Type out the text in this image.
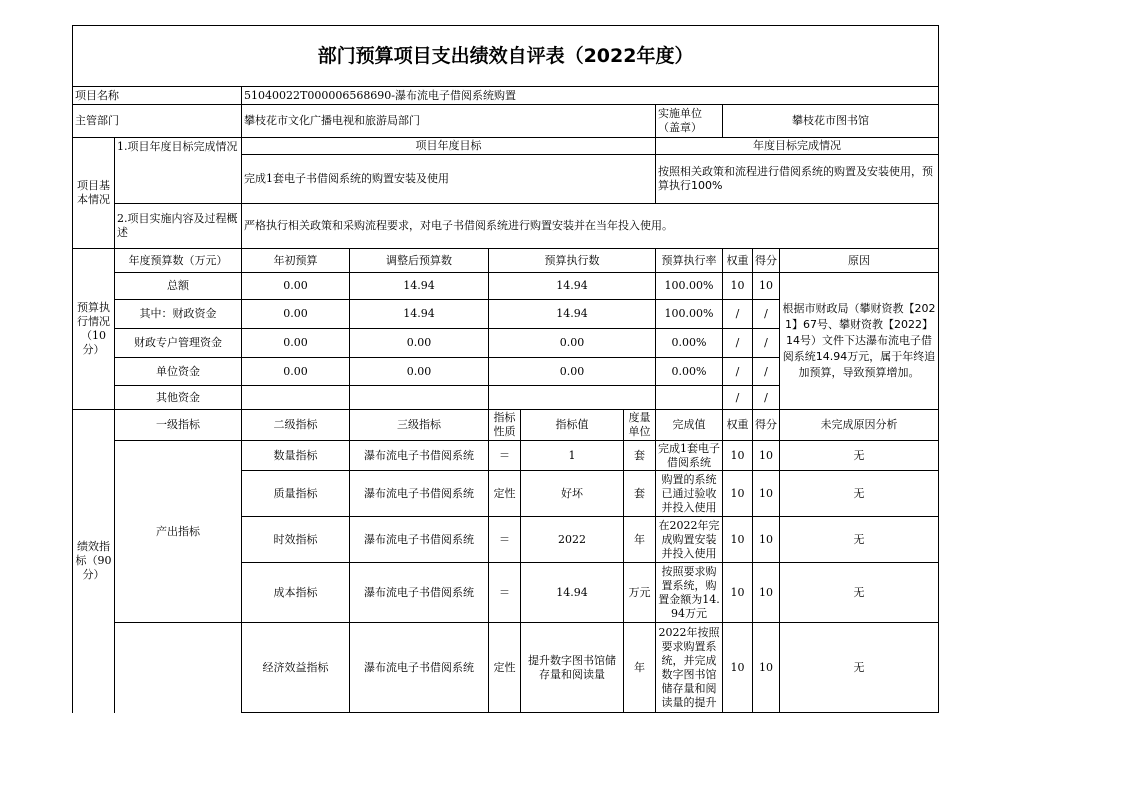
部门预算项目支出绩效自评表（2022年度）										
项目名称		51040022T000006568690-瀑布流电子借阅系统购置								
主管部门		攀枝花市文化广播电视和旅游局部门					实施单位（盖章）	攀枝花市图书馆		
项目基本情况	1.项目年度目标完成情况	项目年度目标					年度目标完成情况			
		完成1套电子书借阅系统的购置安装及使用					按照相关政策和流程进行借阅系统的购置及安装使用，预算执行100%			
	2.项目实施内容及过程概述	严格执行相关政策和采购流程要求，对电子书借阅系统进行购置安装并在当年投入使用。								
预算执行情况（10分）	年度预算数（万元）	年初预算	调整后预算数	预算执行数			预算执行率	权重	得分	原因
	总额	0.00	14.94	14.94			100.00%	10	10	根据市财政局（攀财资教【2021】67号、攀财资教【2022】14号）文件下达瀑布流电子借阅系统14.94万元，属于年终追加预算，导致预算增加。
	其中：财政资金	0.00	14.94	14.94			100.00%	/	/	
	财政专户管理资金	0.00	0.00	0.00			0.00%	/	/	
	单位资金	0.00	0.00	0.00			0.00%	/	/	
	其他资金							/	/	
绩效指标（90分）	一级指标	二级指标	三级指标	指标性质	指标值	度量单位	完成值	权重	得分	未完成原因分析
	产出指标	数量指标	瀑布流电子书借阅系统	＝	1	套	完成1套电子借阅系统	10	10	无
		质量指标	瀑布流电子书借阅系统	定性	好坏	套	购置的系统已通过验收并投入使用	10	10	无
		时效指标	瀑布流电子书借阅系统	＝	2022	年	在2022年完成购置安装并投入使用	10	10	无
		成本指标	瀑布流电子书借阅系统	＝	14.94	万元	按照要求购置系统，购置金额为14.94万元	10	10	无
		经济效益指标	瀑布流电子书借阅系统	定性	提升数字图书馆储存量和阅读量	年	2022年按照要求购置系统，并完成数字图书馆储存量和阅读量的提升	10	10	无
